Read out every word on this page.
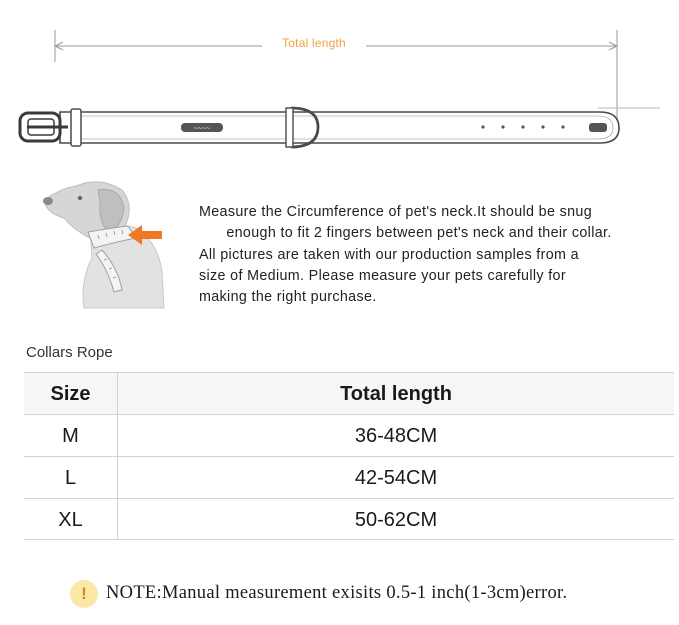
~~~~
Total length
Measure the Circumference of pet's neck.It should be snug
enough to fit 2 fingers between pet's neck and their collar.
All pictures are taken with our production samples from a
size of Medium. Please measure your pets carefully for
making the right purchase.
Collars Rope
Size	Total length
M	36-48CM
L	42-54CM
XL	50-62CM
!	NOTE:Manual measurement exisits 0.5-1 inch(1-3cm)error.
